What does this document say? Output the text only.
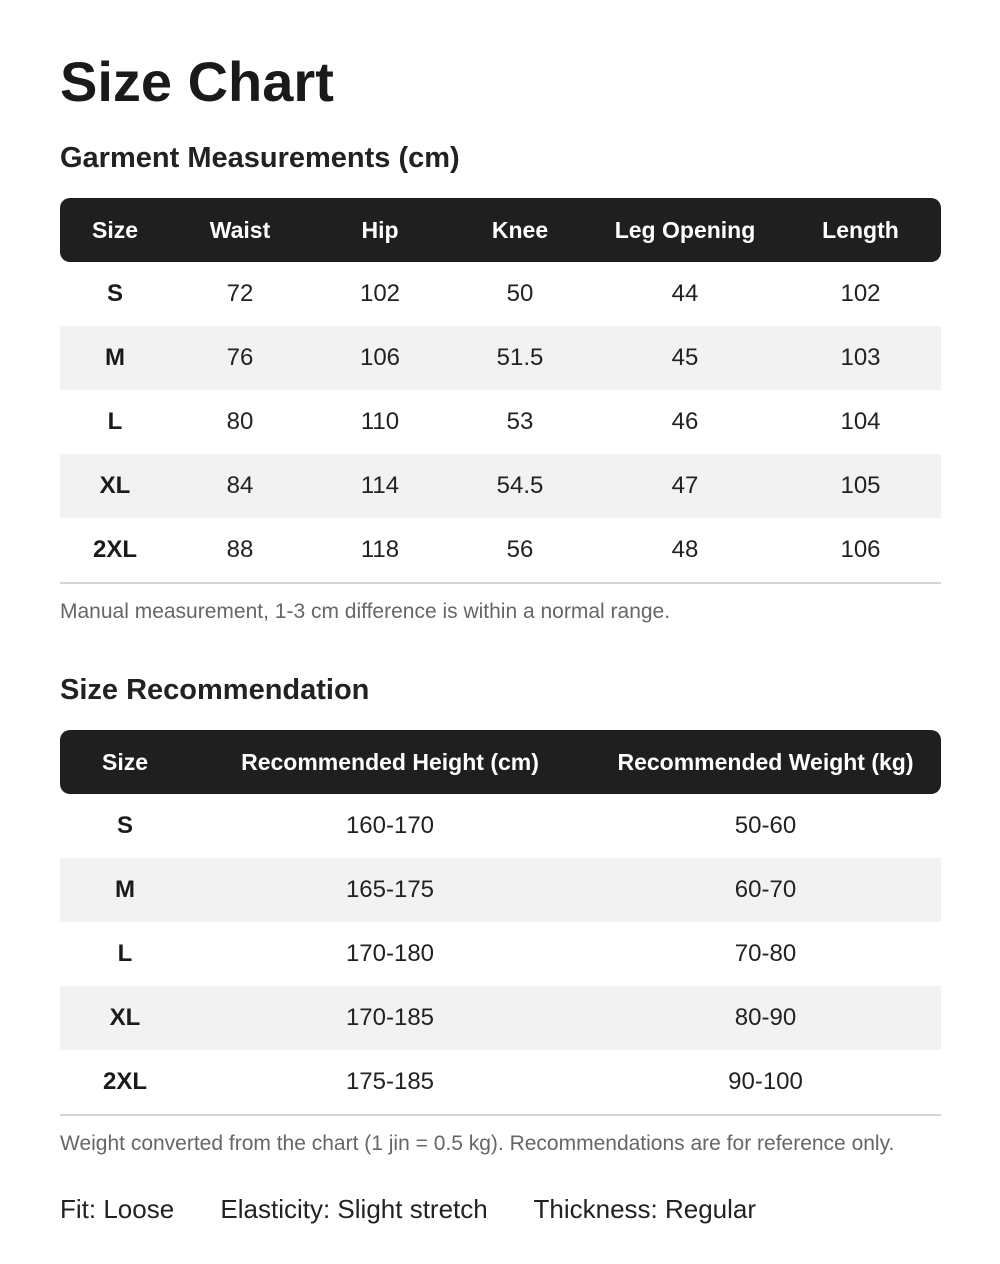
Size Chart
Garment Measurements (cm)
Size	Waist	Hip	Knee	Leg Opening	Length
S	72	102	50	44	102
M	76	106	51.5	45	103
L	80	110	53	46	104
XL	84	114	54.5	47	105
2XL	88	118	56	48	106

Manual measurement, 1-3 cm difference is within a normal range.

Size Recommendation
Size	Recommended Height (cm)	Recommended Weight (kg)
S	160-170	50-60
M	165-175	60-70
L	170-180	70-80
XL	170-185	80-90
2XL	175-185	90-100

Weight converted from the chart (1 jin = 0.5 kg). Recommendations are for reference only.

Fit: Loose Elasticity: Slight stretch Thickness: Regular
